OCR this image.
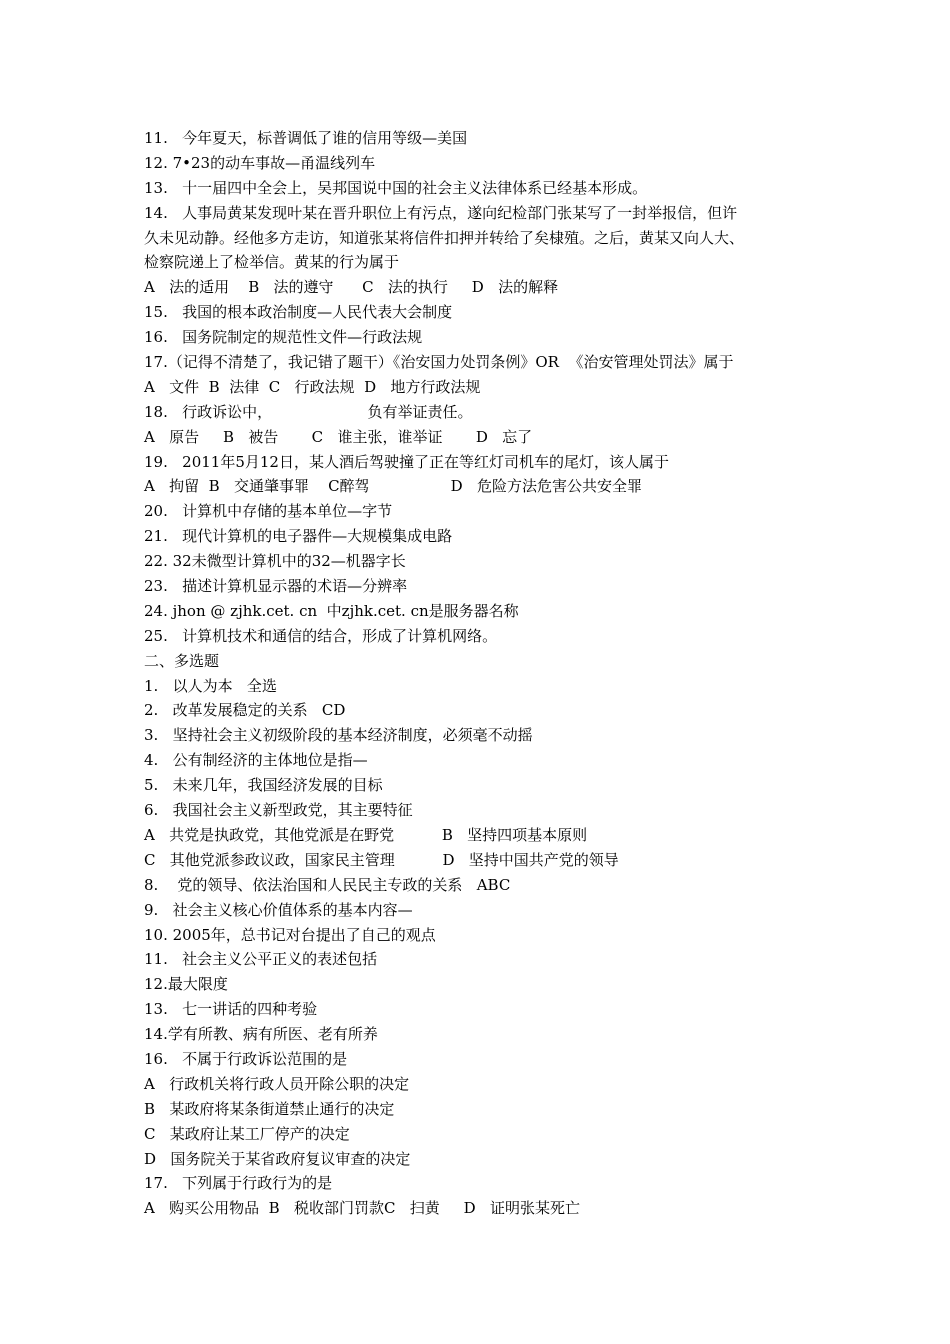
11.   今年夏天，标普调低了谁的信用等级—美国
12. 7•23的动车事故—甬温线列车
13.   十一届四中全会上，吴邦国说中国的社会主义法律体系已经基本形成。
14.   人事局黄某发现叶某在晋升职位上有污点，遂向纪检部门张某写了一封举报信，但许
久未见动静。经他多方走访，知道张某将信件扣押并转给了矣棣殖。之后，黄某又向人大、
检察院递上了检举信。黄某的行为属于
A   法的适用    B   法的遵守      C   法的执行     D   法的解释
15.   我国的根本政治制度—人民代表大会制度
16.   国务院制定的规范性文件—行政法规
17.（记得不清楚了，我记错了题干）《治安国力处罚条例》OR  《治安管理处罚法》属于
A   文件  B  法律  C   行政法规  D   地方行政法规
18.   行政诉讼中，                    负有举证责任。
A   原告     B   被告       C   谁主张，谁举证       D   忘了
19.   2011年5月12日，某人酒后驾驶撞了正在等红灯司机车的尾灯，该人属于
A   拘留  B   交通肇事罪    C醉驾                 D   危险方法危害公共安全罪
20.   计算机中存储的基本单位—字节
21.   现代计算机的电子器件—大规模集成电路
22. 32未微型计算机中的32—机器字长
23.   描述计算机显示器的术语—分辨率
24. jhon @ zjhk.cet. cn  中zjhk.cet. cn是服务器名称
25.   计算机技术和通信的结合，形成了计算机网络。
二、多选题
1.   以人为本   全选
2.   改革发展稳定的关系   CD
3.   坚持社会主义初级阶段的基本经济制度，必须毫不动摇
4.   公有制经济的主体地位是指—
5.   未来几年，我国经济发展的目标
6.   我国社会主义新型政党，其主要特征
A   共党是执政党，其他党派是在野党          B   坚持四项基本原则
C   其他党派参政议政，国家民主管理          D   坚持中国共产党的领导
8.    党的领导、依法治国和人民民主专政的关系   ABC
9.   社会主义核心价值体系的基本内容—
10. 2005年，总书记对台提出了自己的观点
11.   社会主义公平正义的表述包括
12.最大限度
13.   七一讲话的四种考验
14.学有所教、病有所医、老有所养
16.   不属于行政诉讼范围的是
A   行政机关将行政人员开除公职的决定
B   某政府将某条街道禁止通行的决定
C   某政府让某工厂停产的决定
D   国务院关于某省政府复议审查的决定
17.   下列属于行政行为的是
A   购买公用物品  B   税收部门罚款C   扫黄     D   证明张某死亡
